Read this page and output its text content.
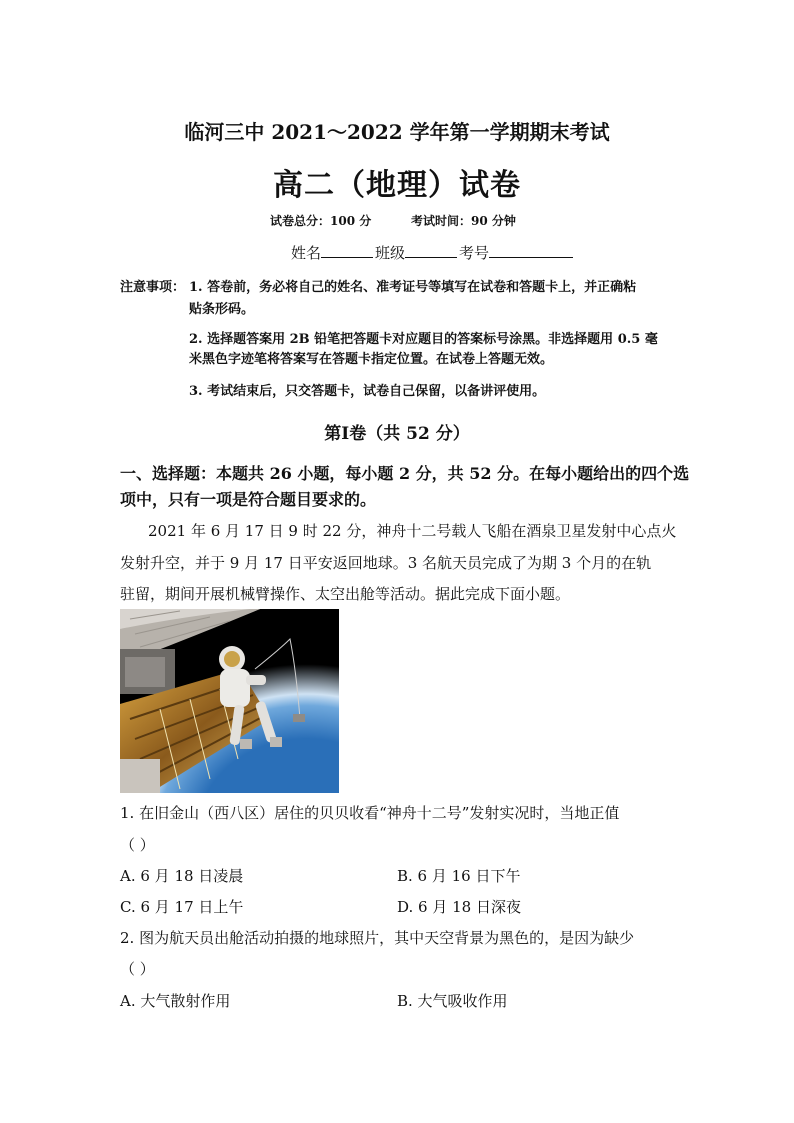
临河三中 2021～2022 学年第一学期期末考试
高二（地理）试卷
试卷总分：100 分	考试时间：90 分钟
姓名	班级	考号
注意事项： 1. 答卷前，务必将自己的姓名、准考证号等填写在试卷和答题卡上，并正确粘
贴条形码。
2. 选择题答案用 2B 铅笔把答题卡对应题目的答案标号涂黑。非选择题用 0.5 毫
米黑色字迹笔将答案写在答题卡指定位置。在试卷上答题无效。
3. 考试结束后，只交答题卡，试卷自己保留，以备讲评使用。
第Ⅰ卷（共 52 分）
一、选择题：本题共 26 小题，每小题 2 分，共 52 分。在每小题给出的四个选
项中，只有一项是符合题目要求的。
2021 年 6 月 17 日 9 时 22 分，神舟十二号载人飞船在酒泉卫星发射中心点火
发射升空，并于 9 月 17 日平安返回地球。3 名航天员完成了为期 3 个月的在轨
驻留，期间开展机械臂操作、太空出舱等活动。据此完成下面小题。
1. 在旧金山（西八区）居住的贝贝收看“神舟十二号”发射实况时，当地正值
（ ）
A. 6 月 18 日凌晨	B. 6 月 16 日下午
C. 6 月 17 日上午	D. 6 月 18 日深夜
2. 图为航天员出舱活动拍摄的地球照片，其中天空背景为黑色的，是因为缺少
（ ）
A. 大气散射作用	B. 大气吸收作用
